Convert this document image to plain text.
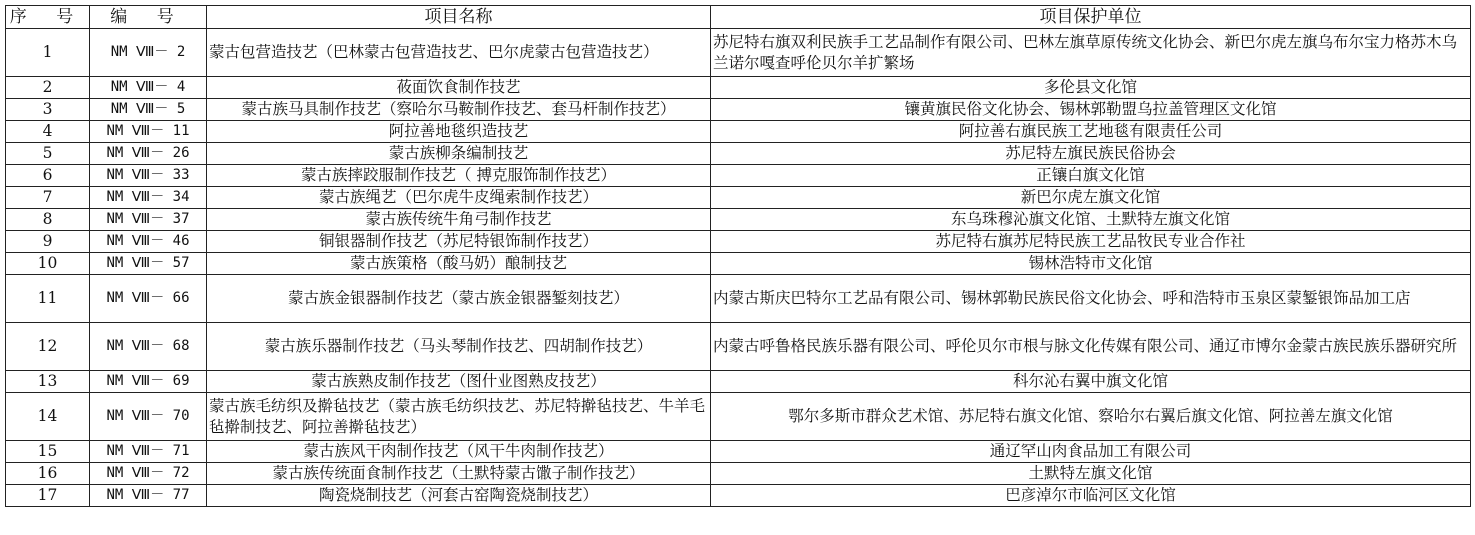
序 号	编 号	项目名称	项目保护单位
1	NM Ⅷ－ 2	蒙古包营造技艺（巴林蒙古包营造技艺、巴尔虎蒙古包营造技艺）	苏尼特右旗双利民族手工艺品制作有限公司、巴林左旗草原传统文化协会、新巴尔虎左旗乌布尔宝力格苏木乌兰诺尔嘎查呼伦贝尔羊扩繁场
2	NM Ⅷ－ 4	莜面饮食制作技艺	多伦县文化馆
3	NM Ⅷ－ 5	蒙古族马具制作技艺（察哈尔马鞍制作技艺、套马杆制作技艺）	镶黄旗民俗文化协会、锡林郭勒盟乌拉盖管理区文化馆
4	NM Ⅷ－ 11	阿拉善地毯织造技艺	阿拉善右旗民族工艺地毯有限责任公司
5	NM Ⅷ－ 26	蒙古族柳条编制技艺	苏尼特左旗民族民俗协会
6	NM Ⅷ－ 33	蒙古族摔跤服制作技艺（ 搏克服饰制作技艺）	正镶白旗文化馆
7	NM Ⅷ－ 34	蒙古族绳艺（巴尔虎牛皮绳索制作技艺）	新巴尔虎左旗文化馆
8	NM Ⅷ－ 37	蒙古族传统牛角弓制作技艺	东乌珠穆沁旗文化馆、土默特左旗文化馆
9	NM Ⅷ－ 46	铜银器制作技艺（苏尼特银饰制作技艺）	苏尼特右旗苏尼特民族工艺品牧民专业合作社
10	NM Ⅷ－ 57	蒙古族策格（酸马奶）酿制技艺	锡林浩特市文化馆
11	NM Ⅷ－ 66	蒙古族金银器制作技艺（蒙古族金银器錾刻技艺）	内蒙古斯庆巴特尔工艺品有限公司、锡林郭勒民族民俗文化协会、呼和浩特市玉泉区蒙錾银饰品加工店
12	NM Ⅷ－ 68	蒙古族乐器制作技艺（马头琴制作技艺、四胡制作技艺）	内蒙古呼鲁格民族乐器有限公司、呼伦贝尔市根与脉文化传媒有限公司、通辽市博尔金蒙古族民族乐器研究所
13	NM Ⅷ－ 69	蒙古族熟皮制作技艺（图什业图熟皮技艺）	科尔沁右翼中旗文化馆
14	NM Ⅷ－ 70	蒙古族毛纺织及擀毡技艺（蒙古族毛纺织技艺、苏尼特擀毡技艺、牛羊毛毡擀制技艺、阿拉善擀毡技艺）	鄂尔多斯市群众艺术馆、苏尼特右旗文化馆、察哈尔右翼后旗文化馆、阿拉善左旗文化馆
15	NM Ⅷ－ 71	蒙古族风干肉制作技艺（风干牛肉制作技艺）	通辽罕山肉食品加工有限公司
16	NM Ⅷ－ 72	蒙古族传统面食制作技艺（土默特蒙古馓子制作技艺）	土默特左旗文化馆
17	NM Ⅷ－ 77	陶瓷烧制技艺（河套古窑陶瓷烧制技艺）	巴彦淖尔市临河区文化馆
